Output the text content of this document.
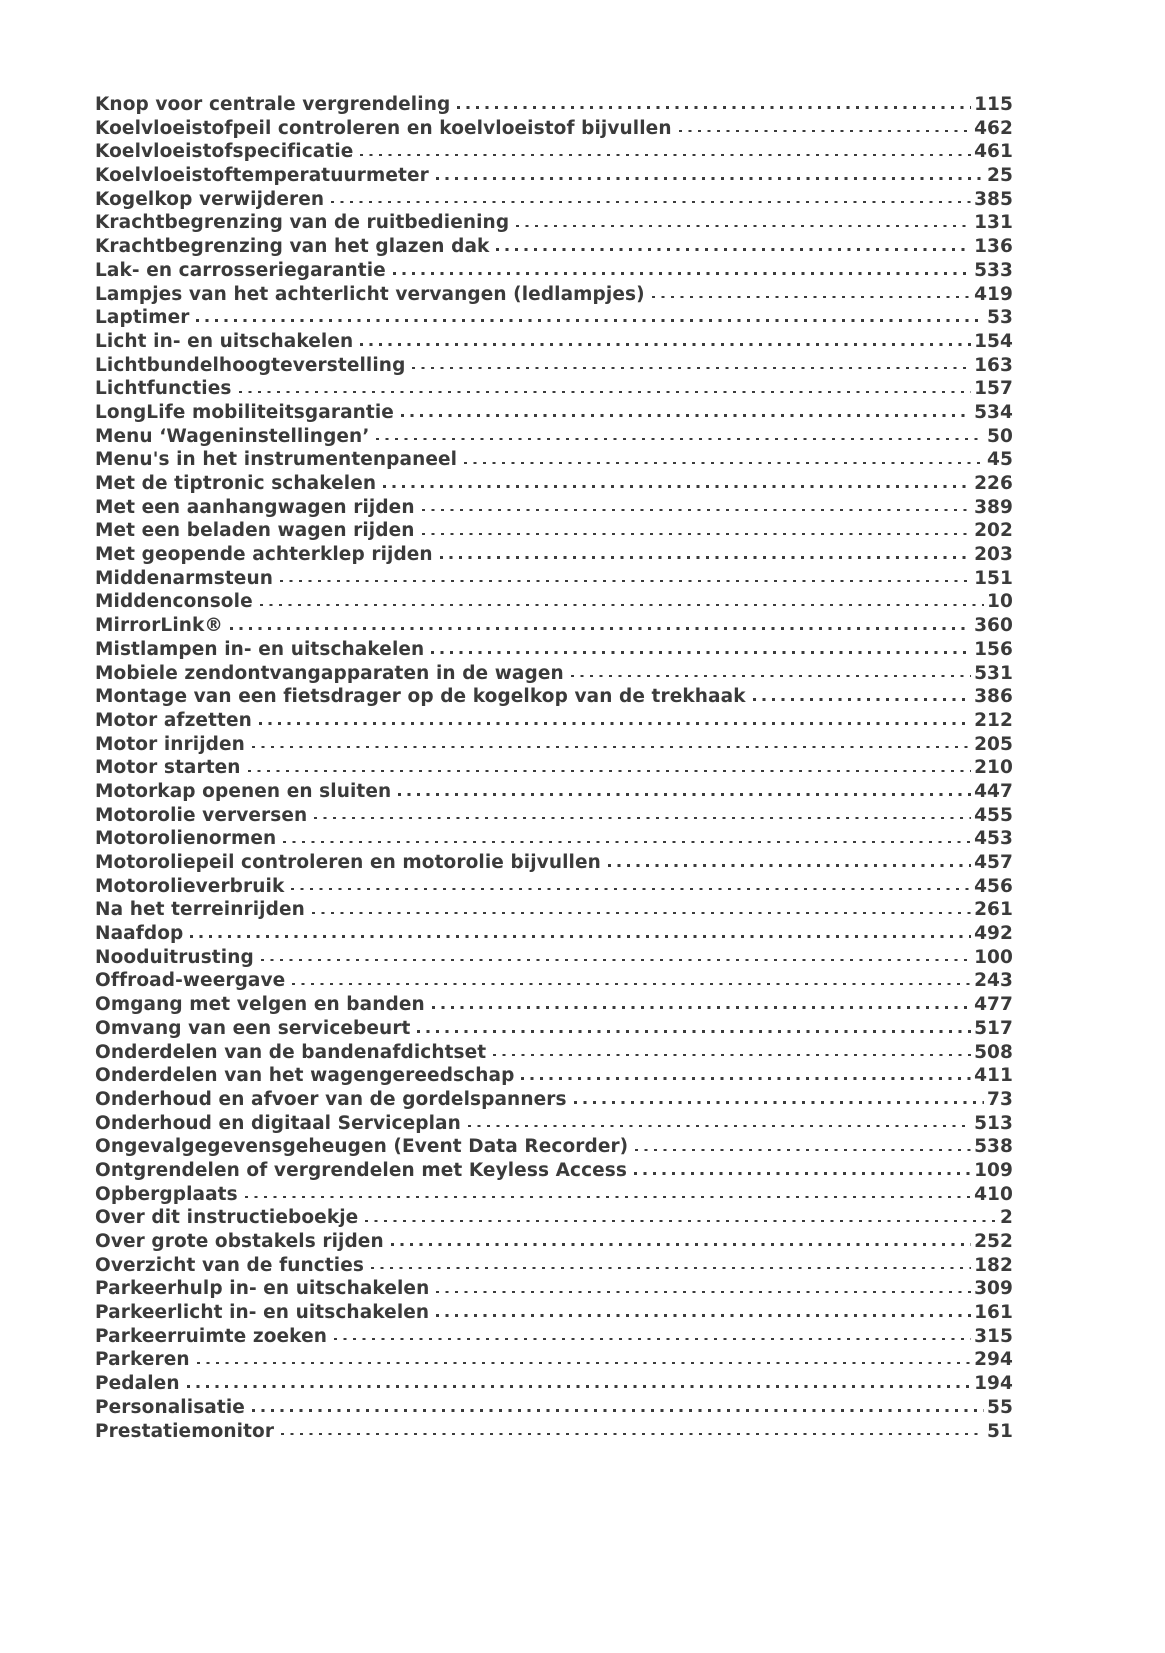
Knop voor centrale vergrendeling	115
Koelvloeistofpeil controleren en koelvloeistof bijvullen	462
Koelvloeistofspecificatie	461
Koelvloeistoftemperatuurmeter	25
Kogelkop verwijderen	385
Krachtbegrenzing van de ruitbediening	131
Krachtbegrenzing van het glazen dak	136
Lak- en carrosseriegarantie	533
Lampjes van het achterlicht vervangen (ledlampjes)	419
Laptimer	53
Licht in- en uitschakelen	154
Lichtbundelhoogteverstelling	163
Lichtfuncties	157
LongLife mobiliteitsgarantie	534
Menu ‘Wageninstellingen’	50
Menu's in het instrumentenpaneel	45
Met de tiptronic schakelen	226
Met een aanhangwagen rijden	389
Met een beladen wagen rijden	202
Met geopende achterklep rijden	203
Middenarmsteun	151
Middenconsole	10
MirrorLink®	360
Mistlampen in- en uitschakelen	156
Mobiele zendontvangapparaten in de wagen	531
Montage van een fietsdrager op de kogelkop van de trekhaak	386
Motor afzetten	212
Motor inrijden	205
Motor starten	210
Motorkap openen en sluiten	447
Motorolie verversen	455
Motorolienormen	453
Motoroliepeil controleren en motorolie bijvullen	457
Motorolieverbruik	456
Na het terreinrijden	261
Naafdop	492
Nooduitrusting	100
Offroad-weergave	243
Omgang met velgen en banden	477
Omvang van een servicebeurt	517
Onderdelen van de bandenafdichtset	508
Onderdelen van het wagengereedschap	411
Onderhoud en afvoer van de gordelspanners	73
Onderhoud en digitaal Serviceplan	513
Ongevalgegevensgeheugen (Event Data Recorder)	538
Ontgrendelen of vergrendelen met Keyless Access	109
Opbergplaats	410
Over dit instructieboekje	2
Over grote obstakels rijden	252
Overzicht van de functies	182
Parkeerhulp in- en uitschakelen	309
Parkeerlicht in- en uitschakelen	161
Parkeerruimte zoeken	315
Parkeren	294
Pedalen	194
Personalisatie	55
Prestatiemonitor	51
